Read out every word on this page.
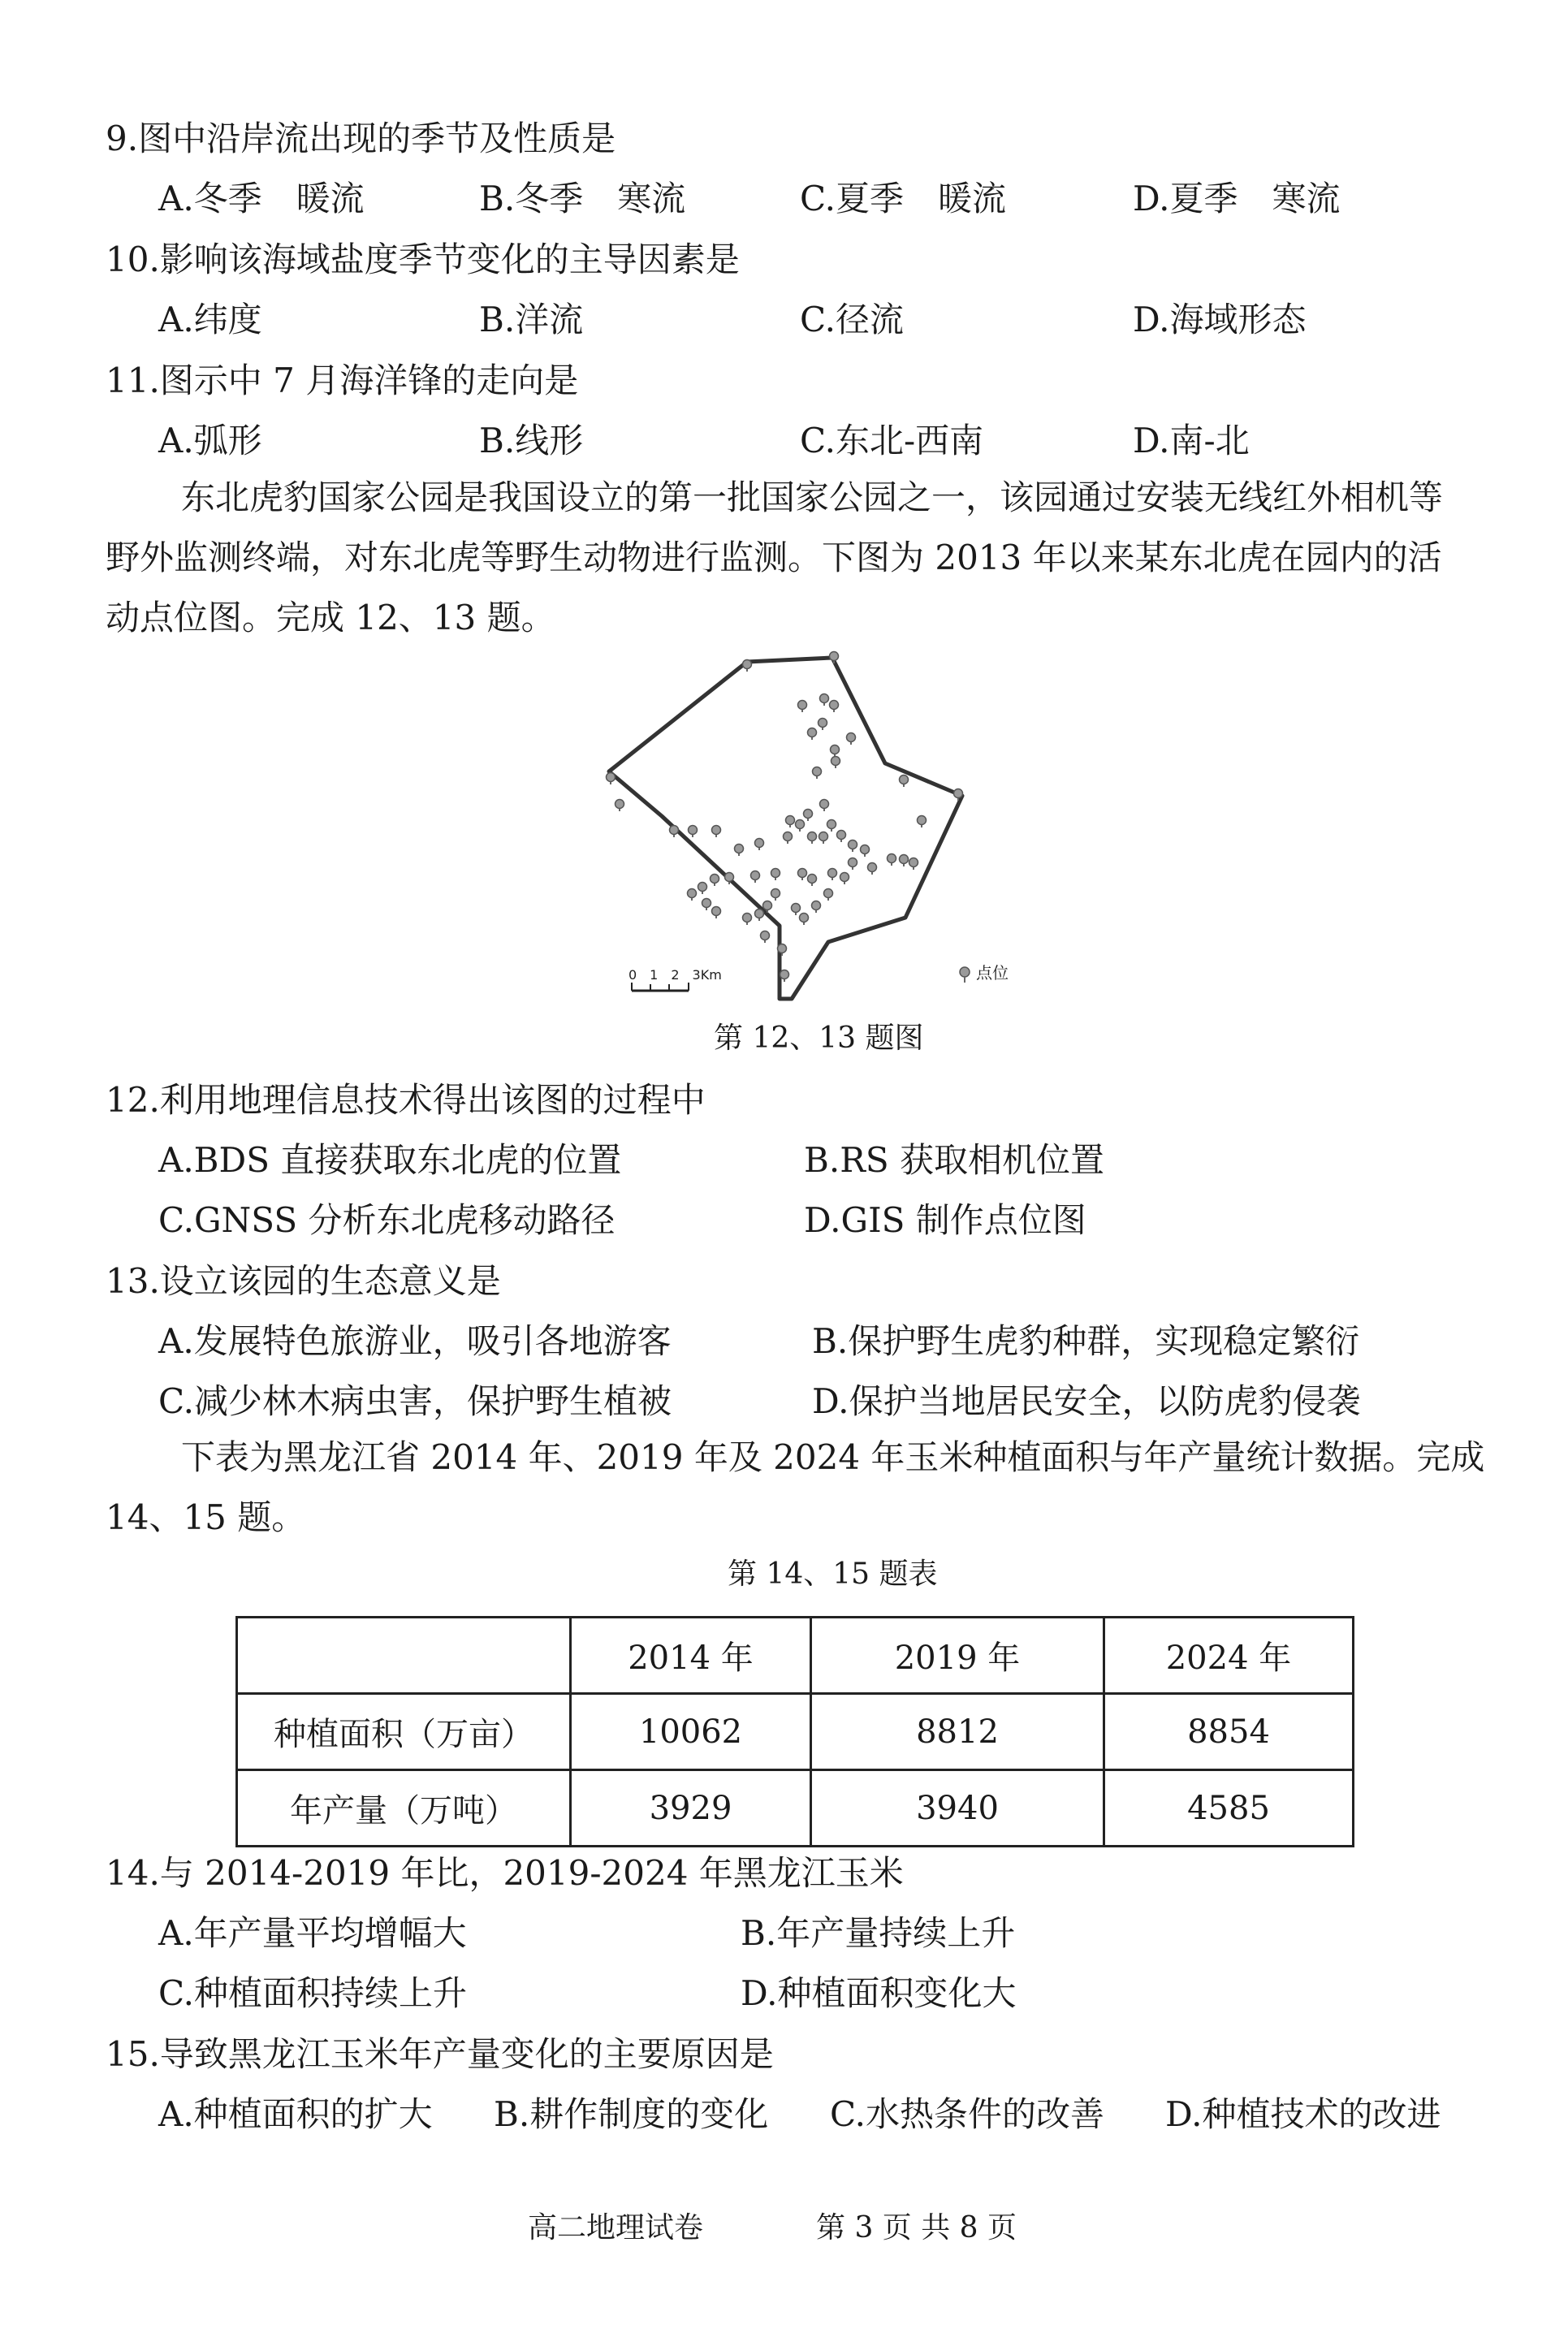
9.图中沿岸流出现的季节及性质是
A.冬季　暖流	B.冬季　寒流	C.夏季　暖流	D.夏季　寒流
10.影响该海域盐度季节变化的主导因素是
A.纬度	B.洋流	C.径流	D.海域形态
11.图示中 7 月海洋锋的走向是
A.弧形	B.线形	C.东北-西南	D.南-北
东北虎豹国家公园是我国设立的第一批国家公园之一，该园通过安装无线红外相机等
野外监测终端，对东北虎等野生动物进行监测。下图为 2013 年以来某东北虎在园内的活
动点位图。完成 12、13 题。
0　1　2　3Km	点位
第 12、13 题图
12.利用地理信息技术得出该图的过程中
A.BDS 直接获取东北虎的位置	B.RS 获取相机位置
C.GNSS 分析东北虎移动路径	D.GIS 制作点位图
13.设立该园的生态意义是
A.发展特色旅游业，吸引各地游客	B.保护野生虎豹种群，实现稳定繁衍
C.减少林木病虫害，保护野生植被	D.保护当地居民安全，以防虎豹侵袭
下表为黑龙江省 2014 年、2019 年及 2024 年玉米种植面积与年产量统计数据。完成
14、15 题。
第 14、15 题表
	2014 年	2019 年	2024 年
种植面积（万亩）	10062	8812	8854
年产量（万吨）	3929	3940	4585
14.与 2014-2019 年比，2019-2024 年黑龙江玉米
A.年产量平均增幅大	B.年产量持续上升
C.种植面积持续上升	D.种植面积变化大
15.导致黑龙江玉米年产量变化的主要原因是
A.种植面积的扩大 B.耕作制度的变化 C.水热条件的改善 D.种植技术的改进
高二地理试卷	第 3 页 共 8 页
